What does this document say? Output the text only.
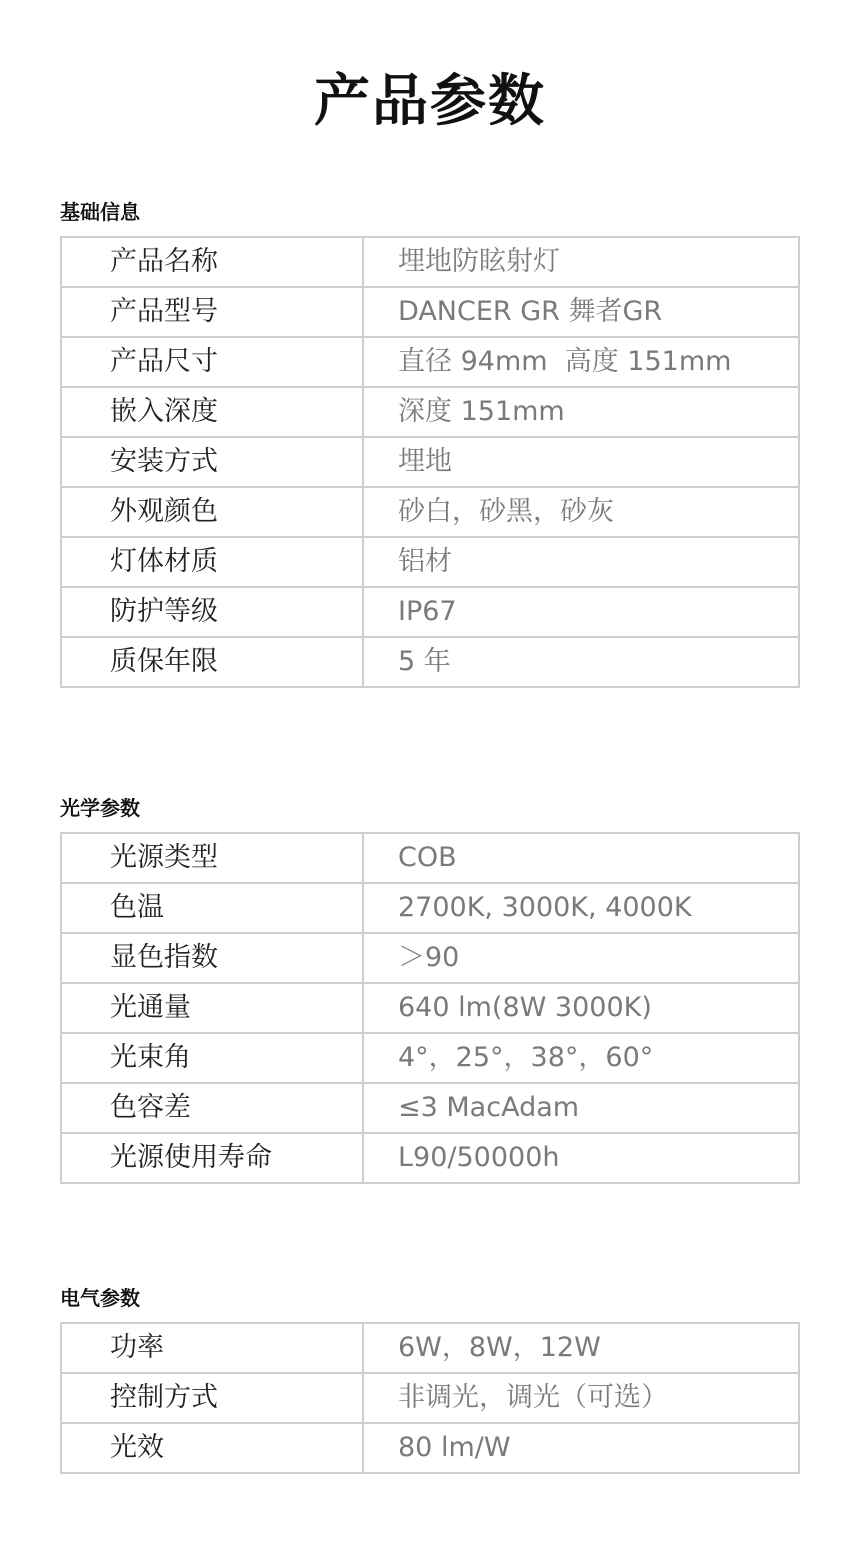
产品参数
基础信息
产品名称	埋地防眩射灯
产品型号	DANCER GR 舞者GR
产品尺寸	直径 94mm  高度 151mm
嵌入深度	深度 151mm
安装方式	埋地
外观颜色	砂白，砂黑，砂灰
灯体材质	铝材
防护等级	IP67
质保年限	5 年
光学参数
光源类型	COB
色温	2700K, 3000K, 4000K
显色指数	＞90
光通量	640 lm(8W 3000K)
光束角	4°，25°，38°，60°
色容差	≤3 MacAdam
光源使用寿命	L90/50000h
电气参数
功率	6W，8W，12W
控制方式	非调光，调光（可选）
光效	80 lm/W
